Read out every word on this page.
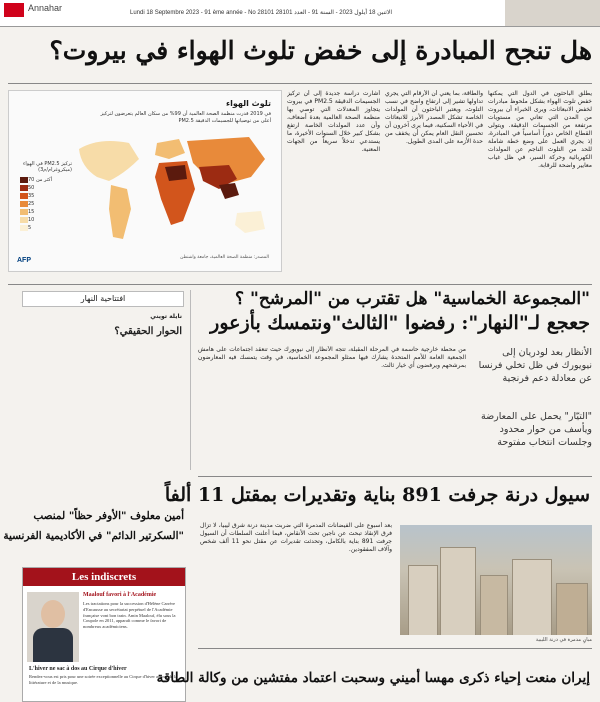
Annahar	Lundi 18 Septembre 2023 - 91 ème année - No 28101 الاثنين 18 أيلول 2023 - السنة 91 - العدد 28101
هل تنجح المبادرة إلى خفض تلوث الهواء في بيروت؟
يطلق الباحثون في الدول التي يمكنها خفض تلوث الهواء بشكل ملحوظ مبادرات لخفض الانبعاثات، ويرى الخبراء أن بيروت من المدن التي تعاني من مستويات مرتفعة من الجسيمات الدقيقة. ويتولى القطاع الخاص دوراً أساسياً في المبادرة، إذ يجري العمل على وضع خطة شاملة للحد من التلوث الناجم عن المولدات الكهربائية وحركة السير، في ظل غياب معايير واضحة للرقابة.
والطاقة، بما يعني أن الأرقام التي يجري تداولها تشير إلى ارتفاع واضح في نسب التلوث، ويعتبر الباحثون أن المولدات الخاصة تشكل المصدر الأبرز للانبعاثات في الأحياء السكنية، فيما يرى آخرون أن تحسين النقل العام يمكن أن يخفف من حدة الأزمة على المدى الطويل.
أشارت دراسة جديدة إلى أن تركيز الجسيمات الدقيقة PM2.5 في بيروت يتجاوز المعدلات التي توصي بها منظمة الصحة العالمية بعدة أضعاف، وأن عدد المولدات الخاصة ارتفع بشكل كبير خلال السنوات الأخيرة، ما يستدعي تدخلاً سريعاً من الجهات المعنية.
تلوث الهواء
في 2019 قدرت منظمة الصحة العالمية أن 99% من سكان العالم يتعرضون لتركيز أعلى من توصياتها للجسيمات الدقيقة PM2.5
تركيز PM2.5 في الهواء (ميكروغرام/م3)
أكثر من 70
50
35
25
15
10
5
المصدر: منظمة الصحة العالمية، جامعة واشنطن
AFP
افتتاحية النهار
نايلة تويني
الحوار الحقيقي؟
"المجموعة الخماسية" هل تقترب من "المرشح" ؟
جعجع لـ"النهار": رفضوا "الثالث"ونتمسك بأزعور
الأنظار بعد لودريان إلى نيويورك في ظل تخلي فرنسا عن معادلة دعم فرنجية
"التيّار" يحمل على المعارضة ويأسف من حوار محدود وجلسات انتخاب مفتوحة
من محطة خارجية حاسمة في المرحلة المقبلة، تتجه الأنظار إلى نيويورك حيث تنعقد اجتماعات على هامش الجمعية العامة للأمم المتحدة يشارك فيها ممثلو المجموعة الخماسية، في وقت يتمسك فيه المعارضون بمرشحهم ويرفضون أي خيار ثالث.
سيول درنة جرفت 891 بناية وتقديرات بمقتل 11 ألفاً
بعد أسبوع على الفيضانات المدمرة التي ضربت مدينة درنة شرق ليبيا، لا تزال فرق الإنقاذ تبحث عن ناجين تحت الأنقاض، فيما أعلنت السلطات أن السيول جرفت 891 بناية بالكامل، وتحدثت تقديرات عن مقتل نحو 11 ألف شخص وآلاف المفقودين.
مبانٍ مدمرة في درنة الليبية
أمين معلوف "الأوفر حظاً" لمنصب
"السكرتير الدائم" في الأكاديمية الفرنسية
Les indiscrets
Maalouf favori à l'Académie
Les tractations pour la succession d'Hélène Carrère d'Encausse au secrétariat perpétuel de l'Académie française vont bon train. Amin Maalouf, élu sous la Coupole en 2011, apparaît comme le favori de nombreux académiciens.
L'hiver ne sac à dos au Cirque d'hiver
Rendez-vous est pris pour une soirée exceptionnelle au Cirque d'hiver autour de la littérature et de la musique.	إيران منعت إحياء ذكرى مهسا أميني وسحبت اعتماد مفتشين من وكالة الطاقة
